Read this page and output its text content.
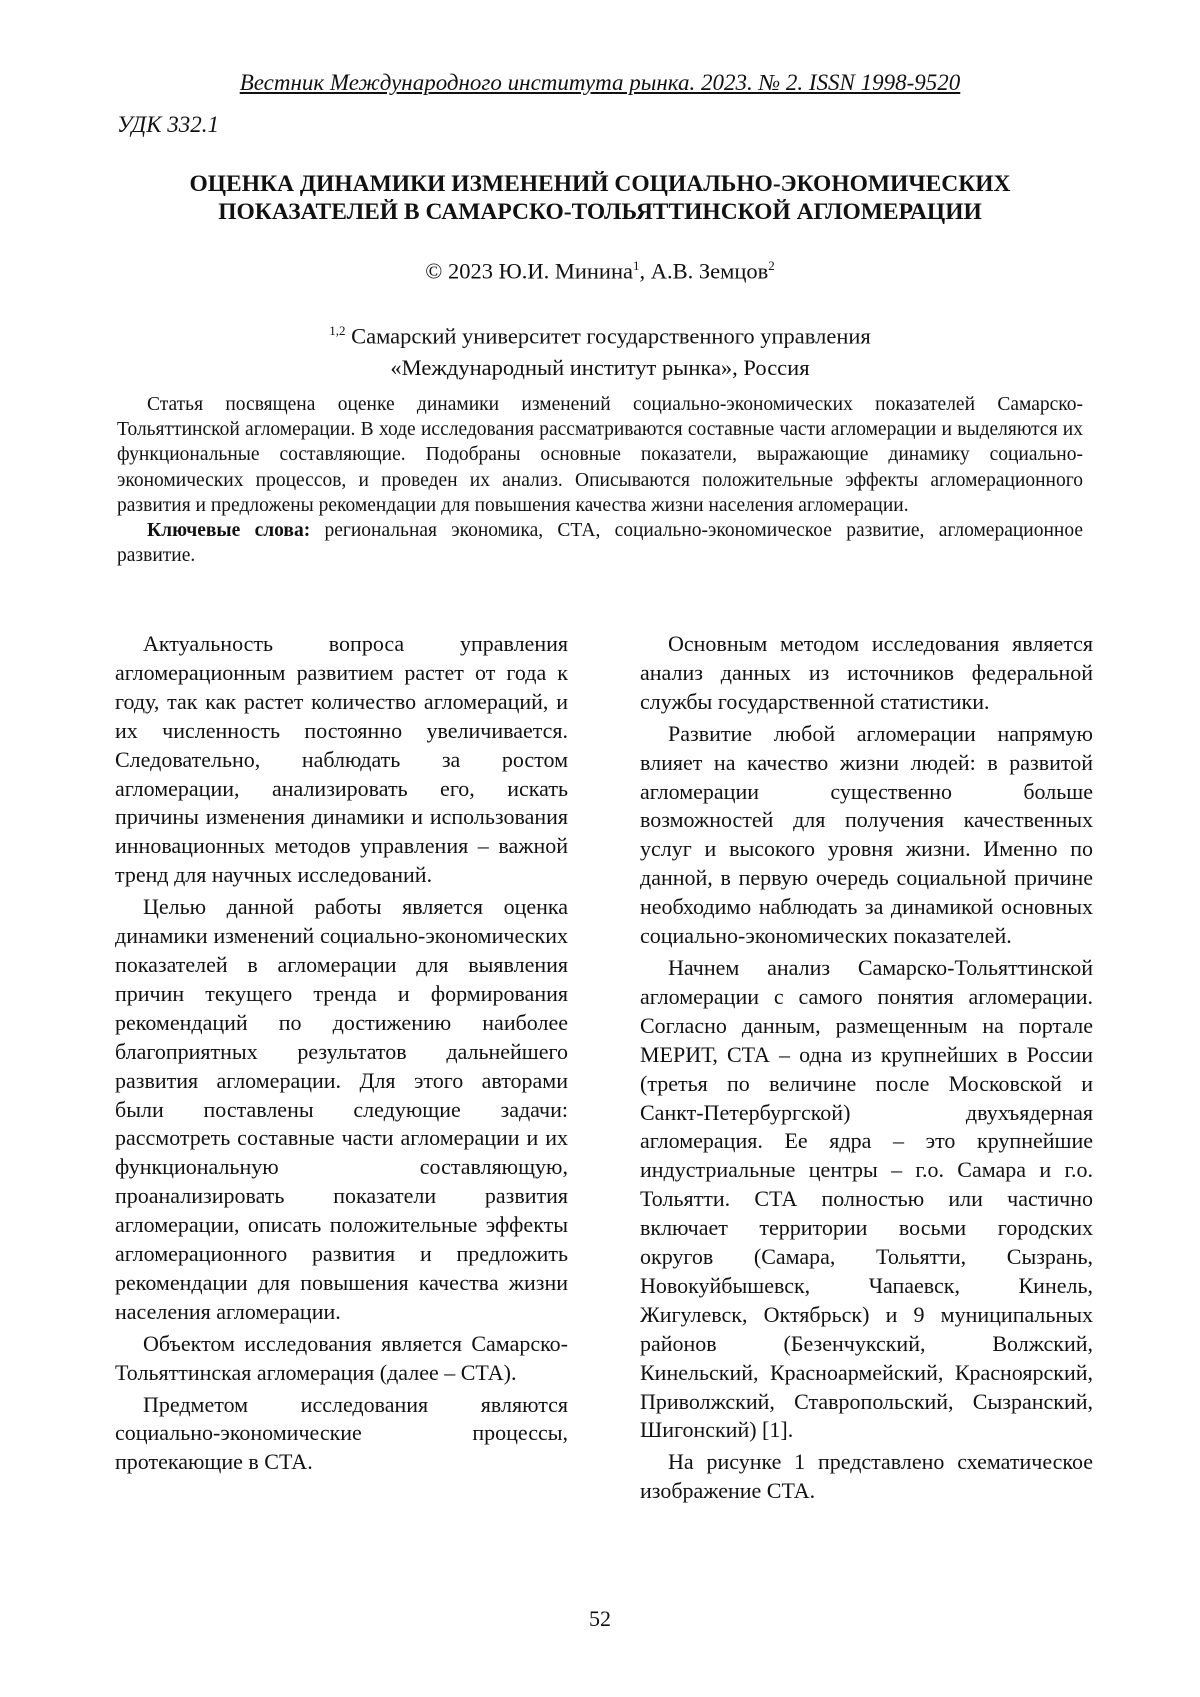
Вестник Международного института рынка. 2023. № 2. ISSN 1998-9520
УДК 332.1
ОЦЕНКА ДИНАМИКИ ИЗМЕНЕНИЙ СОЦИАЛЬНО-ЭКОНОМИЧЕСКИХ
ПОКАЗАТЕЛЕЙ В САМАРСКО-ТОЛЬЯТТИНСКОЙ АГЛОМЕРАЦИИ
© 2023 Ю.И. Минина$^1$, А.В. Земцов$^2$
$^{1,2}$ Самарский университет государственного управления
«Международный институт рынка», Россия

Статья посвящена оценке динамики изменений социально-экономических показателей Самарско-Тольяттинской агломерации. В ходе исследования рассматриваются составные части агломерации и выделяются их функциональные составляющие. Подобраны основные показатели, выражающие динамику социально-экономических процессов, и проведен их анализ. Описываются положительные эффекты агломерационного развития и предложены рекомендации для повышения качества жизни населения агломерации.

Ключевые слова: региональная экономика, СТА, социально-экономическое развитие, агломерационное развитие.

Актуальность вопроса управления агломерационным развитием растет от года к году, так как растет количество агломераций, и их численность постоянно увеличивается. Следовательно, наблюдать за ростом агломерации, анализировать его, искать причины изменения динамики и использования инновационных методов управления – важной тренд для научных исследований.

Целью данной работы является оценка динамики изменений социально-экономических показателей в агломерации для выявления причин текущего тренда и формирования рекомендаций по достижению наиболее благоприятных результатов дальнейшего развития агломерации. Для этого авторами были поставлены следующие задачи: рассмотреть составные части агломерации и их функциональную составляющую, проанализировать показатели развития агломерации, описать положительные эффекты агломерационного развития и предложить рекомендации для повышения качества жизни населения агломерации.

Объектом исследования является Самарско-Тольяттинская агломерация (далее – СТА).

Предметом исследования являются социально-экономические процессы, протекающие в СТА.

Основным методом исследования является анализ данных из источников федеральной службы государственной статистики.

Развитие любой агломерации напрямую влияет на качество жизни людей: в развитой агломерации существенно больше возможностей для получения качественных услуг и высокого уровня жизни. Именно по данной, в первую очередь социальной причине необходимо наблюдать за динамикой основных социально-экономических показателей.

Начнем анализ Самарско-Тольяттинской агломерации с самого понятия агломерации. Согласно данным, размещенным на портале МЕРИТ, СТА – одна из крупнейших в России (третья по величине после Московской и Санкт-Петербургской) двухъядерная агломерация. Ее ядра – это крупнейшие индустриальные центры – г.о. Самара и г.о. Тольятти. СТА полностью или частично включает территории восьми городских округов (Самара, Тольятти, Сызрань, Новокуйбышевск, Чапаевск, Кинель, Жигулевск, Октябрьск) и 9 муниципальных районов (Безенчукский, Волжский, Кинельский, Красноармейский, Красноярский, Приволжский, Ставропольский, Сызранский, Шигонский) [1].

На рисунке 1 представлено схематическое изображение СТА.

52
